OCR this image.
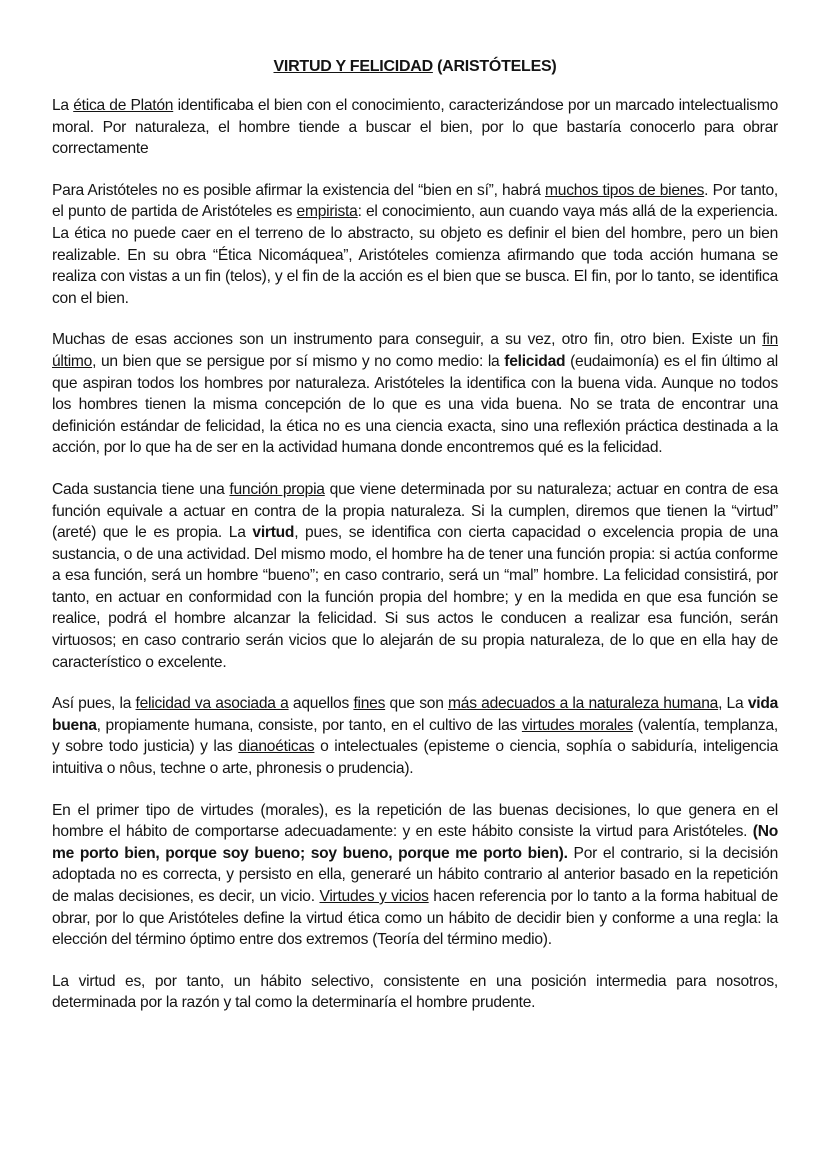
VIRTUD Y FELICIDAD (ARISTÓTELES)

La ética de Platón identificaba el bien con el conocimiento, caracterizándose por un marcado intelectualismo moral. Por naturaleza, el hombre tiende a buscar el bien, por lo que bastaría conocerlo para obrar correctamente

Para Aristóteles no es posible afirmar la existencia del “bien en sí”, habrá muchos tipos de bienes. Por tanto, el punto de partida de Aristóteles es empirista: el conocimiento, aun cuando vaya más allá de la experiencia. La ética no puede caer en el terreno de lo abstracto, su objeto es definir el bien del hombre, pero un bien realizable. En su obra “Ética Nicomáquea”, Aristóteles comienza afirmando que toda acción humana se realiza con vistas a un fin (telos), y el fin de la acción es el bien que se busca. El fin, por lo tanto, se identifica con el bien.

Muchas de esas acciones son un instrumento para conseguir, a su vez, otro fin, otro bien. Existe un fin último, un bien que se persigue por sí mismo y no como medio: la felicidad (eudaimonía) es el fin último al que aspiran todos los hombres por naturaleza. Aristóteles la identifica con la buena vida. Aunque no todos los hombres tienen la misma concepción de lo que es una vida buena. No se trata de encontrar una definición estándar de felicidad, la ética no es una ciencia exacta, sino una reflexión práctica destinada a la acción, por lo que ha de ser en la actividad humana donde encontremos qué es la felicidad.

Cada sustancia tiene una función propia que viene determinada por su naturaleza; actuar en contra de esa función equivale a actuar en contra de la propia naturaleza. Si la cumplen, diremos que tienen la “virtud” (areté) que le es propia. La virtud, pues, se identifica con cierta capacidad o excelencia propia de una sustancia, o de una actividad. Del mismo modo, el hombre ha de tener una función propia: si actúa conforme a esa función, será un hombre “bueno”; en caso contrario, será un “mal” hombre. La felicidad consistirá, por tanto, en actuar en conformidad con la función propia del hombre; y en la medida en que esa función se realice, podrá el hombre alcanzar la felicidad. Si sus actos le conducen a realizar esa función, serán virtuosos; en caso contrario serán vicios que lo alejarán de su propia naturaleza, de lo que en ella hay de característico o excelente.

Así pues, la felicidad va asociada a aquellos fines que son más adecuados a la naturaleza humana, La vida buena, propiamente humana, consiste, por tanto, en el cultivo de las virtudes morales (valentía, templanza, y sobre todo justicia) y las dianoéticas o intelectuales (episteme o ciencia, sophía o sabiduría, inteligencia intuitiva o nôus, techne o arte, phronesis o prudencia).

En el primer tipo de virtudes (morales), es la repetición de las buenas decisiones, lo que genera en el hombre el hábito de comportarse adecuadamente: y en este hábito consiste la virtud para Aristóteles. (No me porto bien, porque soy bueno; soy bueno, porque me porto bien). Por el contrario, si la decisión adoptada no es correcta, y persisto en ella, generaré un hábito contrario al anterior basado en la repetición de malas decisiones, es decir, un vicio. Virtudes y vicios hacen referencia por lo tanto a la forma habitual de obrar, por lo que Aristóteles define la virtud ética como un hábito de decidir bien y conforme a una regla: la elección del término óptimo entre dos extremos (Teoría del término medio).

La virtud es, por tanto, un hábito selectivo, consistente en una posición intermedia para nosotros, determinada por la razón y tal como la determinaría el hombre prudente.
